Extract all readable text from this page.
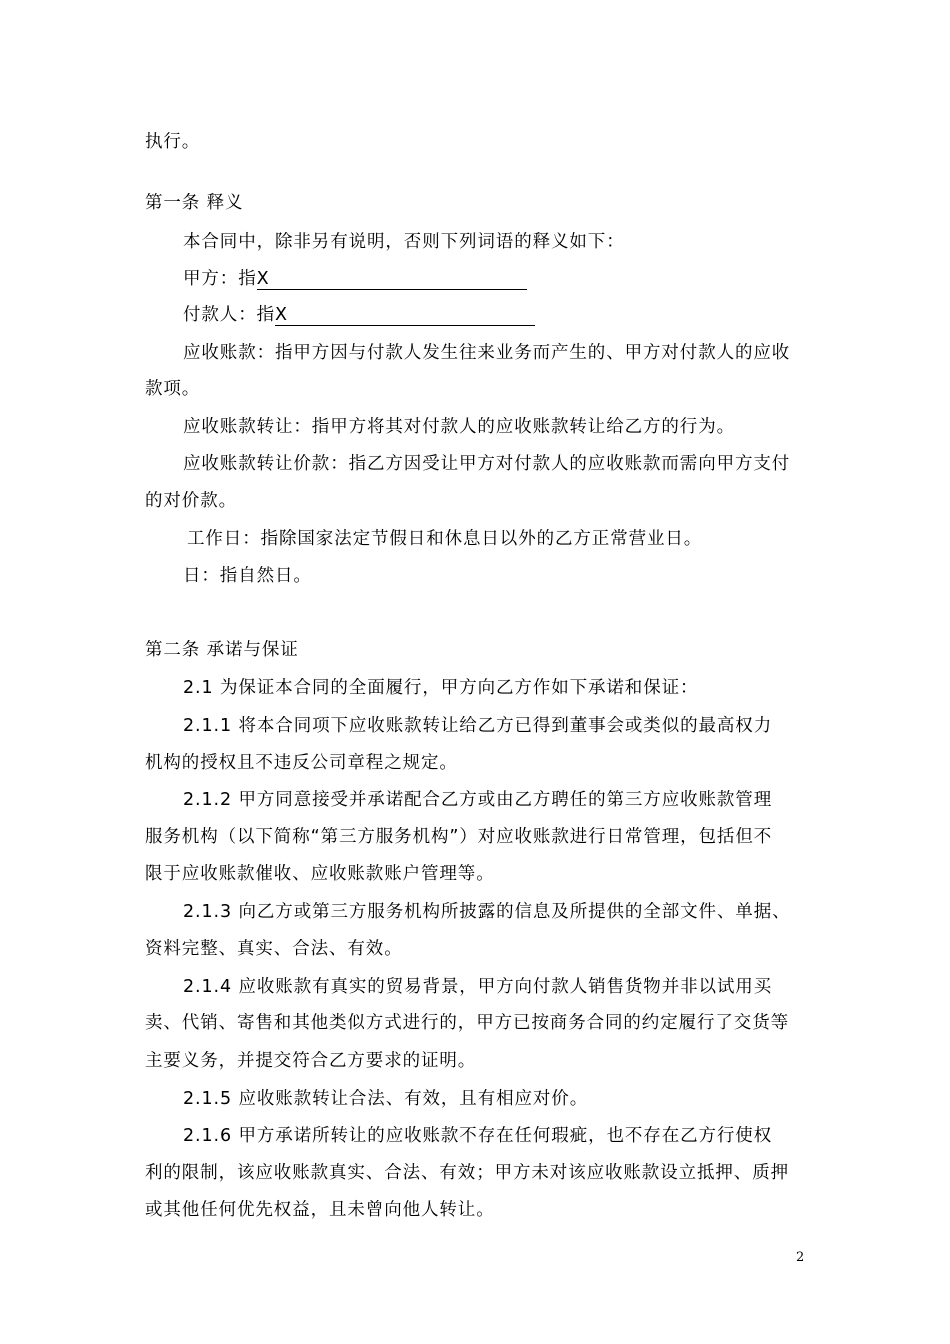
执行。
第一条 释义
本合同中，除非另有说明，否则下列词语的释义如下：
甲方：指X
付款人：指X
应收账款：指甲方因与付款人发生往来业务而产生的、甲方对付款人的应收
款项。
应收账款转让：指甲方将其对付款人的应收账款转让给乙方的行为。
应收账款转让价款：指乙方因受让甲方对付款人的应收账款而需向甲方支付
的对价款。
工作日：指除国家法定节假日和休息日以外的乙方正常营业日。
日：指自然日。
第二条 承诺与保证
2.1 为保证本合同的全面履行，甲方向乙方作如下承诺和保证：
2.1.1 将本合同项下应收账款转让给乙方已得到董事会或类似的最高权力
机构的授权且不违反公司章程之规定。
2.1.2 甲方同意接受并承诺配合乙方或由乙方聘任的第三方应收账款管理
服务机构（以下简称“第三方服务机构”）对应收账款进行日常管理，包括但不
限于应收账款催收、应收账款账户管理等。
2.1.3 向乙方或第三方服务机构所披露的信息及所提供的全部文件、单据、
资料完整、真实、合法、有效。
2.1.4 应收账款有真实的贸易背景，甲方向付款人销售货物并非以试用买
卖、代销、寄售和其他类似方式进行的，甲方已按商务合同的约定履行了交货等
主要义务，并提交符合乙方要求的证明。
2.1.5 应收账款转让合法、有效，且有相应对价。
2.1.6 甲方承诺所转让的应收账款不存在任何瑕疵，也不存在乙方行使权
利的限制，该应收账款真实、合法、有效；甲方未对该应收账款设立抵押、质押
或其他任何优先权益，且未曾向他人转让。
2
